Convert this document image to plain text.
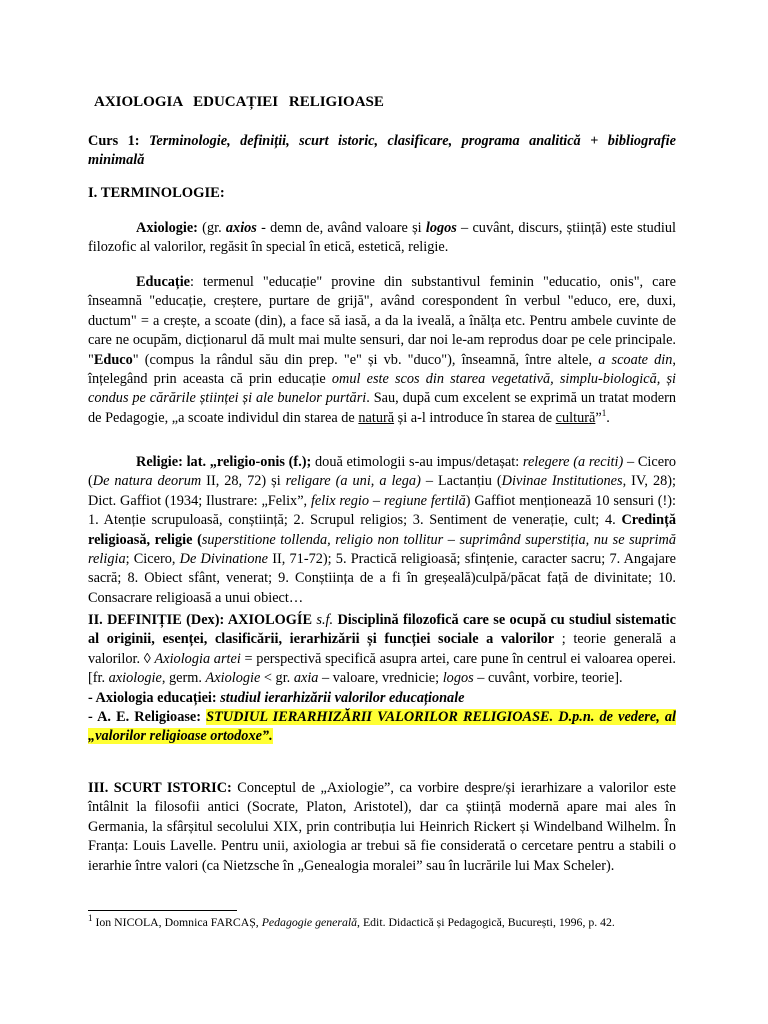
AXIOLOGIA EDUCAȚIEI RELIGIOASE

Curs 1: Terminologie, definiții, scurt istoric, clasificare, programa analitică + bibliografie minimală

I. TERMINOLOGIE:

Axiologie: (gr. axios - demn de, având valoare și logos – cuvânt, discurs, știință) este studiul filozofic al valorilor, regăsit în special în etică, estetică, religie.

Educație: termenul "educație" provine din substantivul feminin "educatio, onis", care înseamnă "educație, creștere, purtare de grijă", având corespondent în verbul "educo, ere, duxi, ductum" = a crește, a scoate (din), a face să iasă, a da la iveală, a înălța etc. Pentru ambele cuvinte de care ne ocupăm, dicționarul dă mult mai multe sensuri, dar noi le-am reprodus doar pe cele principale. "Educo" (compus la rândul său din prep. "e" și vb. "duco"), înseamnă, între altele, a scoate din, înțelegând prin aceasta că prin educație omul este scos din starea vegetativă, simplu-biologică, și condus pe cărările științei și ale bunelor purtări. Sau, după cum excelent se exprimă un tratat modern de Pedagogie, „a scoate individul din starea de natură și a-l introduce în starea de cultură”$^1$.

Religie: lat. „religio-onis (f.); două etimologii s-au impus/detașat: relegere (a reciti) – Cicero (De natura deorum II, 28, 72) și religare (a uni, a lega) – Lactanțiu (Divinae Institutiones, IV, 28); Dict. Gaffiot (1934; Ilustrare: „Felix”, felix regio – regiune fertilă) Gaffiot menționează 10 sensuri (!): 1. Atenție scrupuloasă, conștiință; 2. Scrupul religios; 3. Sentiment de venerație, cult; 4. Credință religioasă, religie (superstitione tollenda, religio non tollitur – suprimând superstiția, nu se suprimă religia; Cicero, De Divinatione II, 71-72); 5. Practică religioasă; sfințenie, caracter sacru; 7. Angajare sacră; 8. Obiect sfânt, venerat; 9. Conștiința de a fi în greșeală)culpă/păcat față de divinitate; 10. Consacrare religioasă a unui obiect…

II. DEFINIȚIE (Dex): AXIOLOGÍE s.f. Disciplină filozofică care se ocupă cu studiul sistematic al originii, esenței, clasificării, ierarhizării și funcției sociale a valorilor ; teorie generală a valorilor. ◊ Axiologia artei = perspectivă specifică asupra artei, care pune în centrul ei valoarea operei. [fr. axiologie, germ. Axiologie < gr. axia – valoare, vrednicie; logos – cuvânt, vorbire, teorie].

- Axiologia educației: studiul ierarhizării valorilor educaționale

- A. E. Religioase: STUDIUL IERARHIZĂRII VALORILOR RELIGIOASE. D.p.n. de vedere, al „valorilor religioase ortodoxe”.

III. SCURT ISTORIC: Conceptul de „Axiologie”, ca vorbire despre/și ierarhizare a valorilor este întâlnit la filosofii antici (Socrate, Platon, Aristotel), dar ca știință modernă apare mai ales în Germania, la sfârșitul secolului XIX, prin contribuția lui Heinrich Rickert și Windelband Wilhelm. În Franța: Louis Lavelle. Pentru unii, axiologia ar trebui să fie considerată o cercetare pentru a stabili o ierarhie între valori (ca Nietzsche în „Genealogia moralei” sau în lucrările lui Max Scheler).

$^1$ Ion NICOLA, Domnica FARCAȘ, Pedagogie generală, Edit. Didactică și Pedagogică, București, 1996, p. 42.
